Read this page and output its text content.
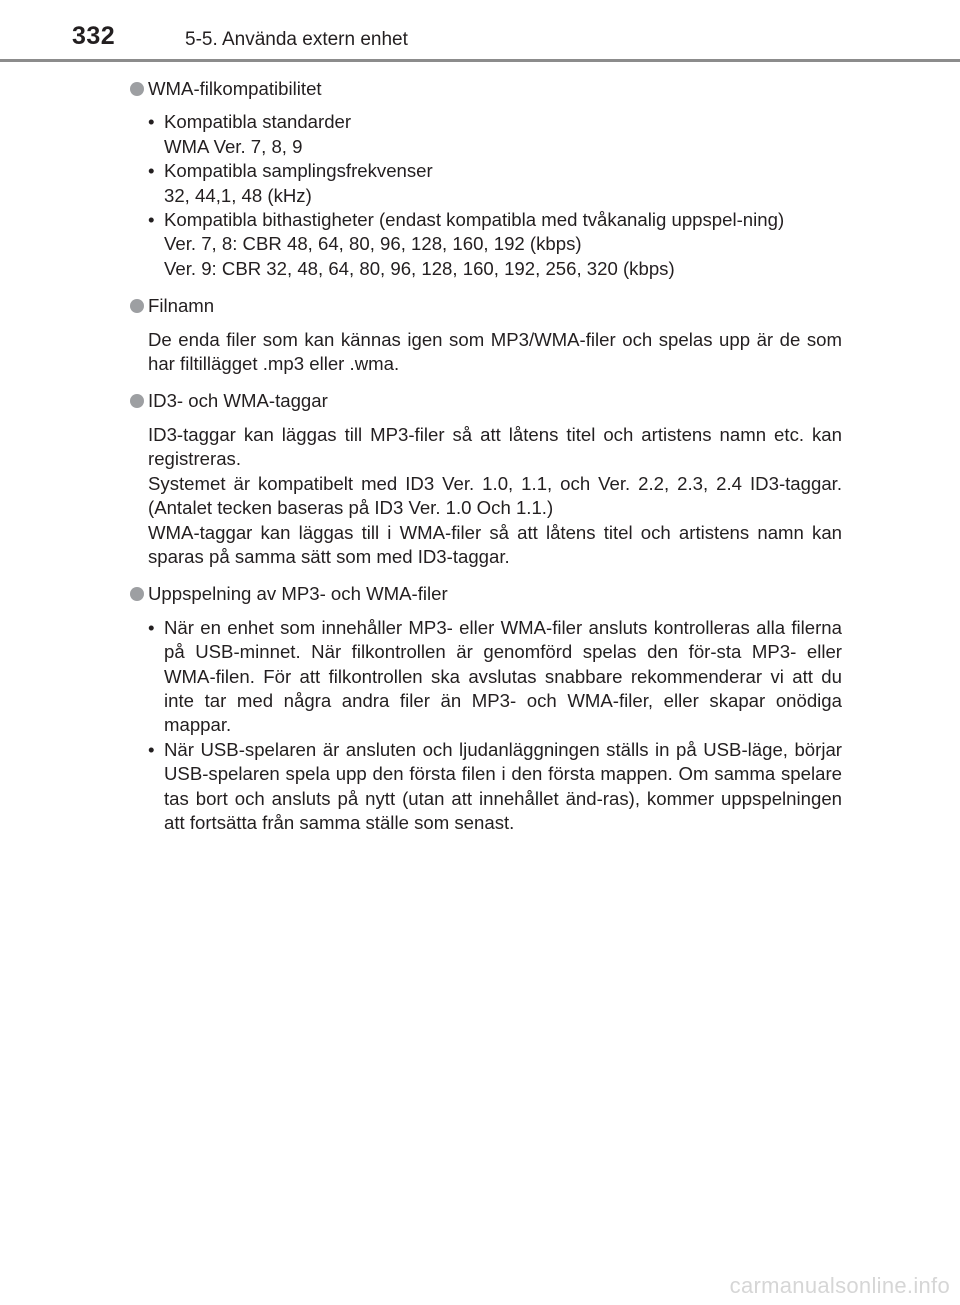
332	5-5. Använda extern enhet

WMA-filkompatibilitet

• Kompatibla standarder
WMA Ver. 7, 8, 9
• Kompatibla samplingsfrekvenser
32, 44,1, 48 (kHz)
• Kompatibla bithastigheter (endast kompatibla med tvåkanalig uppspel-ning)
Ver. 7, 8: CBR 48, 64, 80, 96, 128, 160, 192 (kbps)
Ver. 9: CBR 32, 48, 64, 80, 96, 128, 160, 192, 256, 320 (kbps)

Filnamn

De enda filer som kan kännas igen som MP3/WMA-filer och spelas upp är de som har filtillägget .mp3 eller .wma.

ID3- och WMA-taggar

ID3-taggar kan läggas till MP3-filer så att låtens titel och artistens namn etc. kan registreras.

Systemet är kompatibelt med ID3 Ver. 1.0, 1.1, och Ver. 2.2, 2.3, 2.4 ID3-taggar. (Antalet tecken baseras på ID3 Ver. 1.0 Och 1.1.)

WMA-taggar kan läggas till i WMA-filer så att låtens titel och artistens namn kan sparas på samma sätt som med ID3-taggar.

Uppspelning av MP3- och WMA-filer

• När en enhet som innehåller MP3- eller WMA-filer ansluts kontrolleras alla filerna på USB-minnet. När filkontrollen är genomförd spelas den för-sta MP3- eller WMA-filen. För att filkontrollen ska avslutas snabbare rekommenderar vi att du inte tar med några andra filer än MP3- och WMA-filer, eller skapar onödiga mappar.
• När USB-spelaren är ansluten och ljudanläggningen ställs in på USB-läge, börjar USB-spelaren spela upp den första filen i den första mappen. Om samma spelare tas bort och ansluts på nytt (utan att innehållet änd-ras), kommer uppspelningen att fortsätta från samma ställe som senast.
carmanualsonline.info
